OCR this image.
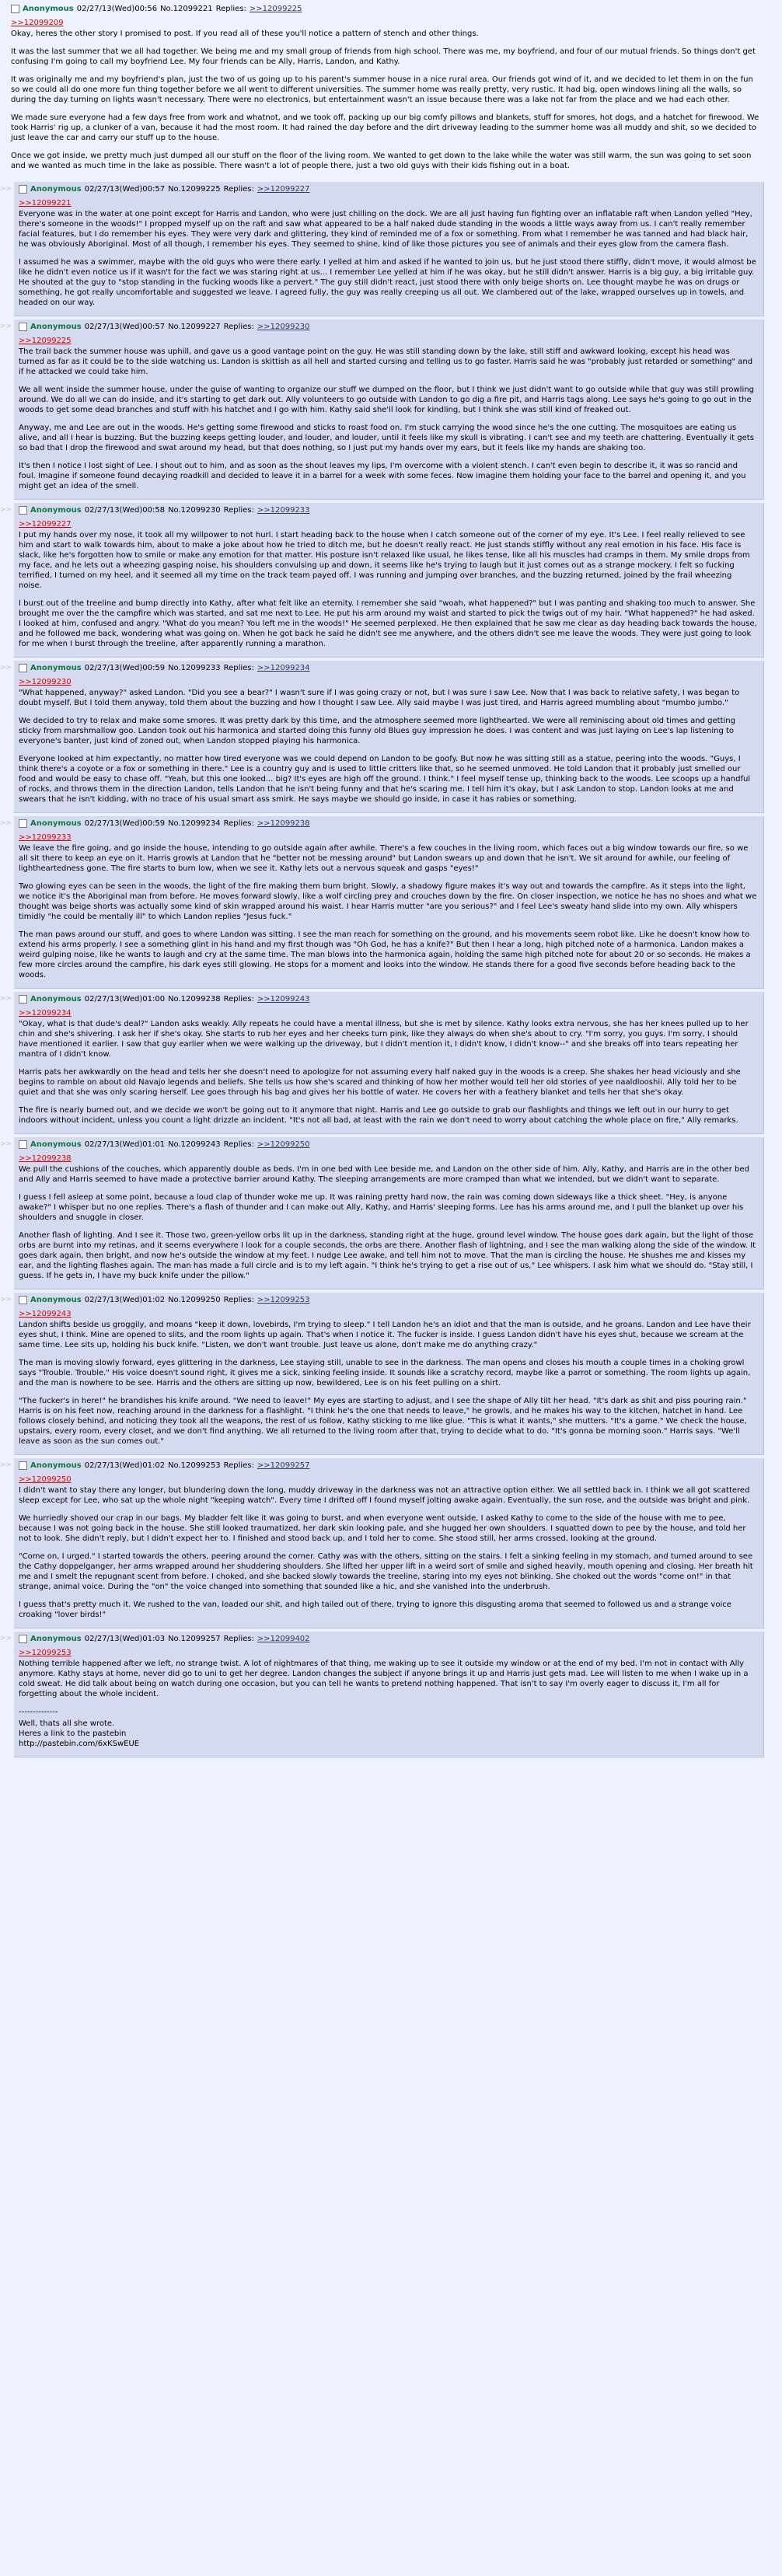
Anonymous 02/27/13(Wed)00:56 No.12099221 Replies: >>12099225
>>12099209

Okay, heres the other story I promised to post. If you read all of these you'll notice a pattern of stench and other things.

It was the last summer that we all had together. We being me and my small group of friends from high school. There was me, my boyfriend, and four of our mutual friends. So things don't get confusing I'm going to call my boyfriend Lee. My four friends can be Ally, Harris, Landon, and Kathy.

It was originally me and my boyfriend's plan, just the two of us going up to his parent's summer house in a nice rural area. Our friends got wind of it, and we decided to let them in on the fun so we could all do one more fun thing together before we all went to different universities. The summer home was really pretty, very rustic. It had big, open windows lining all the walls, so during the day turning on lights wasn't necessary. There were no electronics, but entertainment wasn't an issue because there was a lake not far from the place and we had each other.

We made sure everyone had a few days free from work and whatnot, and we took off, packing up our big comfy pillows and blankets, stuff for smores, hot dogs, and a hatchet for firewood. We took Harris' rig up, a clunker of a van, because it had the most room. It had rained the day before and the dirt driveway leading to the summer home was all muddy and shit, so we decided to just leave the car and carry our stuff up to the house.

Once we got inside, we pretty much just dumped all our stuff on the floor of the living room. We wanted to get down to the lake while the water was still warm, the sun was going to set soon and we wanted as much time in the lake as possible. There wasn't a lot of people there, just a two old guys with their kids fishing out in a boat.

>> Anonymous 02/27/13(Wed)00:57 No.12099225 Replies: >>12099227
>>12099221

Everyone was in the water at one point except for Harris and Landon, who were just chilling on the dock. We are all just having fun fighting over an inflatable raft when Landon yelled "Hey, there's someone in the woods!" I propped myself up on the raft and saw what appeared to be a half naked dude standing in the woods a little ways away from us. I can't really remember facial features, but I do remember his eyes. They were very dark and glittering, they kind of reminded me of a fox or something. From what I remember he was tanned and had black hair, he was obviously Aboriginal. Most of all though, I remember his eyes. They seemed to shine, kind of like those pictures you see of animals and their eyes glow from the camera flash.

I assumed he was a swimmer, maybe with the old guys who were there early. I yelled at him and asked if he wanted to join us, but he just stood there stiffly, didn't move, it would almost be like he didn't even notice us if it wasn't for the fact we was staring right at us... I remember Lee yelled at him if he was okay, but he still didn't answer. Harris is a big guy, a big irritable guy. He shouted at the guy to "stop standing in the fucking woods like a pervert." The guy still didn't react, just stood there with only beige shorts on. Lee thought maybe he was on drugs or something, he got really uncomfortable and suggested we leave. I agreed fully, the guy was really creeping us all out. We clambered out of the lake, wrapped ourselves up in towels, and headed on our way.

>> Anonymous 02/27/13(Wed)00:57 No.12099227 Replies: >>12099230
>>12099225

The trail back the summer house was uphill, and gave us a good vantage point on the guy. He was still standing down by the lake, still stiff and awkward looking, except his head was turned as far as it could be to the side watching us. Landon is skittish as all hell and started cursing and telling us to go faster. Harris said he was "probably just retarded or something" and if he attacked we could take him.

We all went inside the summer house, under the guise of wanting to organize our stuff we dumped on the floor, but I think we just didn't want to go outside while that guy was still prowling around. We do all we can do inside, and it's starting to get dark out. Ally volunteers to go outside with Landon to go dig a fire pit, and Harris tags along. Lee says he's going to go out in the woods to get some dead branches and stuff with his hatchet and I go with him. Kathy said she'll look for kindling, but I think she was still kind of freaked out.

Anyway, me and Lee are out in the woods. He's getting some firewood and sticks to roast food on. I'm stuck carrying the wood since he's the one cutting. The mosquitoes are eating us alive, and all I hear is buzzing. But the buzzing keeps getting louder, and louder, and louder, until it feels like my skull is vibrating. I can't see and my teeth are chattering. Eventually it gets so bad that I drop the firewood and swat around my head, but that does nothing, so I just put my hands over my ears, but it feels like my hands are shaking too.

It's then I notice I lost sight of Lee. I shout out to him, and as soon as the shout leaves my lips, I'm overcome with a violent stench. I can't even begin to describe it, it was so rancid and foul. Imagine if someone found decaying roadkill and decided to leave it in a barrel for a week with some feces. Now imagine them holding your face to the barrel and opening it, and you might get an idea of the smell.

>> Anonymous 02/27/13(Wed)00:58 No.12099230 Replies: >>12099233
>>12099227

I put my hands over my nose, it took all my willpower to not hurl. I start heading back to the house when I catch someone out of the corner of my eye. It's Lee. I feel really relieved to see him and start to walk towards him, about to make a joke about how he tried to ditch me, but he doesn't really react. He just stands stiffly without any real emotion in his face. His face is slack, like he's forgotten how to smile or make any emotion for that matter. His posture isn't relaxed like usual, he likes tense, like all his muscles had cramps in them. My smile drops from my face, and he lets out a wheezing gasping noise, his shoulders convulsing up and down, it seems like he's trying to laugh but it just comes out as a strange mockery. I felt so fucking terrified, I turned on my heel, and it seemed all my time on the track team payed off. I was running and jumping over branches, and the buzzing returned, joined by the frail wheezing noise.

I burst out of the treeline and bump directly into Kathy, after what felt like an eternity. I remember she said "woah, what happened?" but I was panting and shaking too much to answer. She brought me over the the campfire which was started, and sat me next to Lee. He put his arm around my waist and started to pick the twigs out of my hair. "What happened?" he had asked. I looked at him, confused and angry. "What do you mean? You left me in the woods!" He seemed perplexed. He then explained that he saw me clear as day heading back towards the house, and he followed me back, wondering what was going on. When he got back he said he didn't see me anywhere, and the others didn't see me leave the woods. They were just going to look for me when I burst through the treeline, after apparently running a marathon.

>> Anonymous 02/27/13(Wed)00:59 No.12099233 Replies: >>12099234
>>12099230

"What happened, anyway?" asked Landon. "Did you see a bear?" I wasn't sure if I was going crazy or not, but I was sure I saw Lee. Now that I was back to relative safety, I was began to doubt myself. But I told them anyway, told them about the buzzing and how I thought I saw Lee. Ally said maybe I was just tired, and Harris agreed mumbling about "mumbo jumbo."

We decided to try to relax and make some smores. It was pretty dark by this time, and the atmosphere seemed more lighthearted. We were all reminiscing about old times and getting sticky from marshmallow goo. Landon took out his harmonica and started doing this funny old Blues guy impression he does. I was content and was just laying on Lee's lap listening to everyone's banter, just kind of zoned out, when Landon stopped playing his harmonica.

Everyone looked at him expectantly, no matter how tired everyone was we could depend on Landon to be goofy. But now he was sitting still as a statue, peering into the woods. "Guys, I think there's a coyote or a fox or something in there." Lee is a country guy and is used to little critters like that, so he seemed unmoved. He told Landon that it probably just smelled our food and would be easy to chase off. "Yeah, but this one looked... big? It's eyes are high off the ground. I think." I feel myself tense up, thinking back to the woods. Lee scoops up a handful of rocks, and throws them in the direction Landon, tells Landon that he isn't being funny and that he's scaring me. I tell him it's okay, but I ask Landon to stop. Landon looks at me and swears that he isn't kidding, with no trace of his usual smart ass smirk. He says maybe we should go inside, in case it has rabies or something.

>> Anonymous 02/27/13(Wed)00:59 No.12099234 Replies: >>12099238
>>12099233

We leave the fire going, and go inside the house, intending to go outside again after awhile. There's a few couches in the living room, which faces out a big window towards our fire, so we all sit there to keep an eye on it. Harris growls at Landon that he "better not be messing around" but Landon swears up and down that he isn't. We sit around for awhile, our feeling of lightheartedness gone. The fire starts to burn low, when we see it. Kathy lets out a nervous squeak and gasps "eyes!"

Two glowing eyes can be seen in the woods, the light of the fire making them burn bright. Slowly, a shadowy figure makes it's way out and towards the campfire. As it steps into the light, we notice it's the Aboriginal man from before. He moves forward slowly, like a wolf circling prey and crouches down by the fire. On closer inspection, we notice he has no shoes and what we thought was beige shorts was actually some kind of skin wrapped around his waist. I hear Harris mutter "are you serious?" and I feel Lee's sweaty hand slide into my own. Ally whispers timidly "he could be mentally ill" to which Landon replies "Jesus fuck."

The man paws around our stuff, and goes to where Landon was sitting. I see the man reach for something on the ground, and his movements seem robot like. Like he doesn't know how to extend his arms properly. I see a something glint in his hand and my first though was "Oh God, he has a knife?" But then I hear a long, high pitched note of a harmonica. Landon makes a weird gulping noise, like he wants to laugh and cry at the same time. The man blows into the harmonica again, holding the same high pitched note for about 20 or so seconds. He makes a few more circles around the campfire, his dark eyes still glowing. He stops for a moment and looks into the window. He stands there for a good five seconds before heading back to the woods.

>> Anonymous 02/27/13(Wed)01:00 No.12099238 Replies: >>12099243
>>12099234

"Okay, what is that dude's deal?" Landon asks weakly. Ally repeats he could have a mental illness, but she is met by silence. Kathy looks extra nervous, she has her knees pulled up to her chin and she's shivering. I ask her if she's okay. She starts to rub her eyes and her cheeks turn pink, like they always do when she's about to cry. "I'm sorry, you guys. I'm sorry, I should have mentioned it earlier. I saw that guy earlier when we were walking up the driveway, but I didn't mention it, I didn't know, I didn't know--" and she breaks off into tears repeating her mantra of I didn't know.

Harris pats her awkwardly on the head and tells her she doesn't need to apologize for not assuming every half naked guy in the woods is a creep. She shakes her head viciously and she begins to ramble on about old Navajo legends and beliefs. She tells us how she's scared and thinking of how her mother would tell her old stories of yee naaldlooshii. Ally told her to be quiet and that she was only scaring herself. Lee goes through his bag and gives her his bottle of water. He covers her with a feathery blanket and tells her that she's okay.

The fire is nearly burned out, and we decide we won't be going out to it anymore that night. Harris and Lee go outside to grab our flashlights and things we left out in our hurry to get indoors without incident, unless you count a light drizzle an incident. "It's not all bad, at least with the rain we don't need to worry about catching the whole place on fire," Ally remarks.

>> Anonymous 02/27/13(Wed)01:01 No.12099243 Replies: >>12099250
>>12099238

We pull the cushions of the couches, which apparently double as beds. I'm in one bed with Lee beside me, and Landon on the other side of him. Ally, Kathy, and Harris are in the other bed and Ally and Harris seemed to have made a protective barrier around Kathy. The sleeping arrangements are more cramped than what we intended, but we didn't want to separate.

I guess I fell asleep at some point, because a loud clap of thunder woke me up. It was raining pretty hard now, the rain was coming down sideways like a thick sheet. "Hey, is anyone awake?" I whisper but no one replies. There's a flash of thunder and I can make out Ally, Kathy, and Harris' sleeping forms. Lee has his arms around me, and I pull the blanket up over his shoulders and snuggle in closer.

Another flash of lighting. And I see it. Those two, green-yellow orbs lit up in the darkness, standing right at the huge, ground level window. The house goes dark again, but the light of those orbs are burnt into my retinas, and it seems everywhere I look for a couple seconds, the orbs are there. Another flash of lightning, and I see the man walking along the side of the window. It goes dark again, then bright, and now he's outside the window at my feet. I nudge Lee awake, and tell him not to move. That the man is circling the house. He shushes me and kisses my ear, and the lighting flashes again. The man has made a full circle and is to my left again. "I think he's trying to get a rise out of us," Lee whispers. I ask him what we should do. "Stay still, I guess. If he gets in, I have my buck knife under the pillow."

>> Anonymous 02/27/13(Wed)01:02 No.12099250 Replies: >>12099253
>>12099243

Landon shifts beside us groggily, and moans "keep it down, lovebirds, I'm trying to sleep." I tell Landon he's an idiot and that the man is outside, and he groans. Landon and Lee have their eyes shut, I think. Mine are opened to slits, and the room lights up again. That's when I notice it. The fucker is inside. I guess Landon didn't have his eyes shut, because we scream at the same time. Lee sits up, holding his buck knife. "Listen, we don't want trouble. Just leave us alone, don't make me do anything crazy."

The man is moving slowly forward, eyes glittering in the darkness, Lee staying still, unable to see in the darkness. The man opens and closes his mouth a couple times in a choking growl says "Trouble. Trouble." His voice doesn't sound right, it gives me a sick, sinking feeling inside. It sounds like a scratchy record, maybe like a parrot or something. The room lights up again, and the man is nowhere to be see. Harris and the others are sitting up now, bewildered, Lee is on his feet pulling on a shirt.

"The fucker's in here!" he brandishes his knife around. "We need to leave!" My eyes are starting to adjust, and I see the shape of Ally tilt her head. "It's dark as shit and piss pouring rain." Harris is on his feet now, reaching around in the darkness for a flashlight. "I think he's the one that needs to leave," he growls, and he makes his way to the kitchen, hatchet in hand. Lee follows closely behind, and noticing they took all the weapons, the rest of us follow, Kathy sticking to me like glue. "This is what it wants," she mutters. "It's a game." We check the house, upstairs, every room, every closet, and we don't find anything. We all returned to the living room after that, trying to decide what to do. "It's gonna be morning soon." Harris says. "We'll leave as soon as the sun comes out."

>> Anonymous 02/27/13(Wed)01:02 No.12099253 Replies: >>12099257
>>12099250

I didn't want to stay there any longer, but blundering down the long, muddy driveway in the darkness was not an attractive option either. We all settled back in. I think we all got scattered sleep except for Lee, who sat up the whole night "keeping watch". Every time I drifted off I found myself jolting awake again. Eventually, the sun rose, and the outside was bright and pink.

We hurriedly shoved our crap in our bags. My bladder felt like it was going to burst, and when everyone went outside, I asked Kathy to come to the side of the house with me to pee, because I was not going back in the house. She still looked traumatized, her dark skin looking pale, and she hugged her own shoulders. I squatted down to pee by the house, and told her not to look. She didn't reply, but I didn't expect her to. I finished and stood back up, and I told her to come. She stood still, her arms crossed, looking at the ground.

"Come on, I urged." I started towards the others, peering around the corner. Cathy was with the others, sitting on the stairs. I felt a sinking feeling in my stomach, and turned around to see the Cathy doppelganger, her arms wrapped around her shuddering shoulders. She lifted her upper lift in a weird sort of smile and sighed heavily, mouth opening and closing. Her breath hit me and I smelt the repugnant scent from before. I choked, and she backed slowly towards the treeline, staring into my eyes not blinking. She choked out the words "come on!" in that strange, animal voice. During the "on" the voice changed into something that sounded like a hic, and she vanished into the underbrush.

I guess that's pretty much it. We rushed to the van, loaded our shit, and high tailed out of there, trying to ignore this disgusting aroma that seemed to followed us and a strange voice croaking "lover birds!"

>> Anonymous 02/27/13(Wed)01:03 No.12099257 Replies: >>12099402
>>12099253

Nothing terrible happened after we left, no strange twist. A lot of nightmares of that thing, me waking up to see it outside my window or at the end of my bed. I'm not in contact with Ally anymore. Kathy stays at home, never did go to uni to get her degree. Landon changes the subject if anyone brings it up and Harris just gets mad. Lee will listen to me when I wake up in a cold sweat. He did talk about being on watch during one occasion, but you can tell he wants to pretend nothing happened. That isn't to say I'm overly eager to discuss it, I'm all for forgetting about the whole incident.

--------------
Well, thats all she wrote.
Heres a link to the pastebin
http://pastebin.com/6xKSwEUE
